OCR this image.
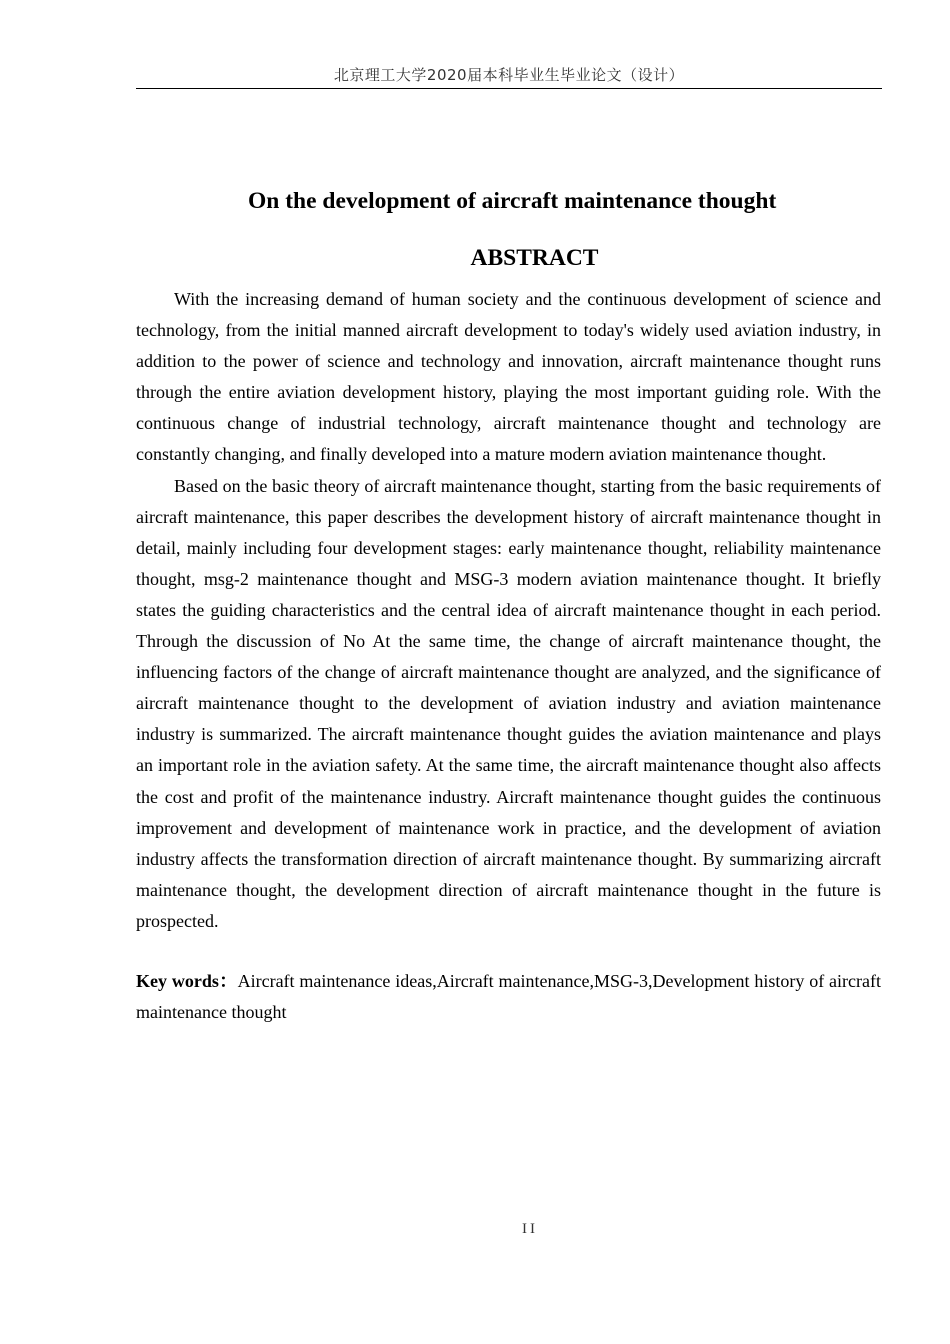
北京理工大学2020届本科毕业生毕业论文（设计）
On the development of aircraft maintenance thought
ABSTRACT

With the increasing demand of human society and the continuous development of science and technology, from the initial manned aircraft development to today's widely used aviation industry, in addition to the power of science and technology and innovation, aircraft maintenance thought runs through the entire aviation development history, playing the most important guiding role. With the continuous change of industrial technology, aircraft maintenance thought and technology are constantly changing, and finally developed into a mature modern aviation maintenance thought.

Based on the basic theory of aircraft maintenance thought, starting from the basic requirements of aircraft maintenance, this paper describes the development history of aircraft maintenance thought in detail, mainly including four development stages: early maintenance thought, reliability maintenance thought, msg-2 maintenance thought and MSG-3 modern aviation maintenance thought. It briefly states the guiding characteristics and the central idea of aircraft maintenance thought in each period. Through the discussion of No At the same time, the change of aircraft maintenance thought, the influencing factors of the change of aircraft maintenance thought are analyzed, and the significance of aircraft maintenance thought to the development of aviation industry and aviation maintenance industry is summarized. The aircraft maintenance thought guides the aviation maintenance and plays an important role in the aviation safety. At the same time, the aircraft maintenance thought also affects the cost and profit of the maintenance industry. Aircraft maintenance thought guides the continuous improvement and development of maintenance work in practice, and the development of aviation industry affects the transformation direction of aircraft maintenance thought. By summarizing aircraft maintenance thought, the development direction of aircraft maintenance thought in the future is prospected.

Key words：Aircraft maintenance ideas,Aircraft maintenance,MSG-3,Development history of aircraft maintenance thought

II
